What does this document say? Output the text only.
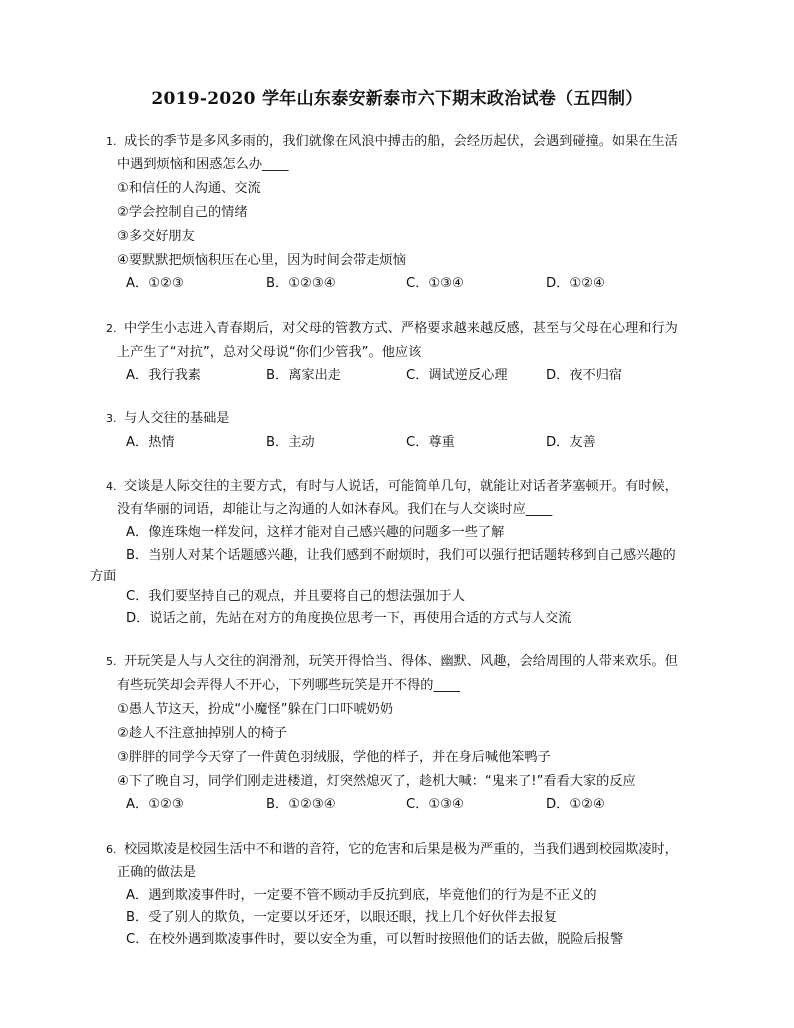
2019-2020 学年山东泰安新泰市六下期末政治试卷（五四制）
1. 成长的季节是多风多雨的，我们就像在风浪中搏击的船，会经历起伏，会遇到碰撞。如果在生活
中遇到烦恼和困惑怎么办____
①和信任的人沟通、交流
②学会控制自己的情绪
③多交好朋友
④要默默把烦恼积压在心里，因为时间会带走烦恼
A．①②③	B．①②③④	C．①③④	D．①②④
2. 中学生小志进入青春期后，对父母的管教方式、严格要求越来越反感，甚至与父母在心理和行为
上产生了“对抗”，总对父母说“你们少管我”。他应该
A．我行我素	B．离家出走	C．调试逆反心理	D．夜不归宿
3. 与人交往的基础是
A．热情	B．主动	C．尊重	D．友善
4. 交谈是人际交往的主要方式，有时与人说话，可能简单几句，就能让对话者茅塞顿开。有时候，
没有华丽的词语，却能让与之沟通的人如沐春风。我们在与人交谈时应____
A．像连珠炮一样发问，这样才能对自己感兴趣的问题多一些了解
B．当别人对某个话题感兴趣，让我们感到不耐烦时，我们可以强行把话题转移到自己感兴趣的
方面
C．我们要坚持自己的观点，并且要将自己的想法强加于人
D．说话之前，先站在对方的角度换位思考一下，再使用合适的方式与人交流
5. 开玩笑是人与人交往的润滑剂，玩笑开得恰当、得体、幽默、风趣，会给周围的人带来欢乐。但
有些玩笑却会弄得人不开心，下列哪些玩笑是开不得的____
①愚人节这天，扮成“小魔怪”躲在门口吓唬奶奶
②趁人不注意抽掉别人的椅子
③胖胖的同学今天穿了一件黄色羽绒服，学他的样子，并在身后喊他笨鸭子
④下了晚自习，同学们刚走进楼道，灯突然熄灭了，趁机大喊：“鬼来了!”看看大家的反应
A．①②③	B．①②③④	C．①③④	D．①②④
6. 校园欺凌是校园生活中不和谐的音符，它的危害和后果是极为严重的，当我们遇到校园欺凌时，
正确的做法是
A．遇到欺凌事件时，一定要不管不顾动手反抗到底，毕竟他们的行为是不正义的
B．受了别人的欺负，一定要以牙还牙，以眼还眼，找上几个好伙伴去报复
C．在校外遇到欺凌事件时，要以安全为重，可以暂时按照他们的话去做，脱险后报警
